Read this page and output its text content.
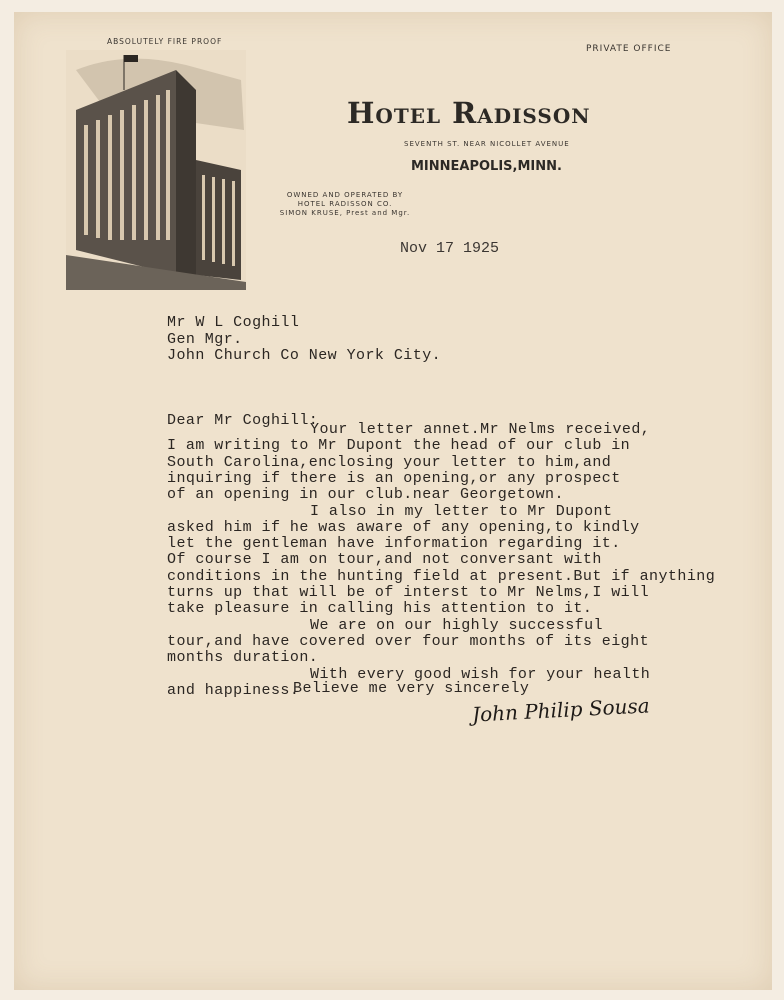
ABSOLUTELY FIRE PROOF
PRIVATE OFFICE
Hotel Radisson
SEVENTH ST. NEAR NICOLLET AVENUE
MINNEAPOLIS,MINN.
OWNED AND OPERATED BY
HOTEL RADISSON CO.
SIMON KRUSE, Prest and Mgr.
Nov 17 1925
Mr W L Coghill
Gen Mgr.
John Church Co New York City.
Dear Mr Coghill:
Your letter annet.Mr Nelms received,
I am writing to Mr Dupont the head of our club in
South Carolina,enclosing your letter to him,and
inquiring if there is an opening,or any prospect
of an opening in our club.near Georgetown.
I also in my letter to Mr Dupont
asked him if he was aware of any opening,to kindly
let the gentleman have information regarding it.
Of course I am on tour,and not conversant with
conditions in the hunting field at present.But if anything
turns up that will be of interst to Mr Nelms,I will
take pleasure in calling his attention to it.
We are on our highly successful
tour,and have covered over four months of its eight
months duration.
With every good wish for your health
and happiness.
Believe me very sincerely
John Philip Sousa
